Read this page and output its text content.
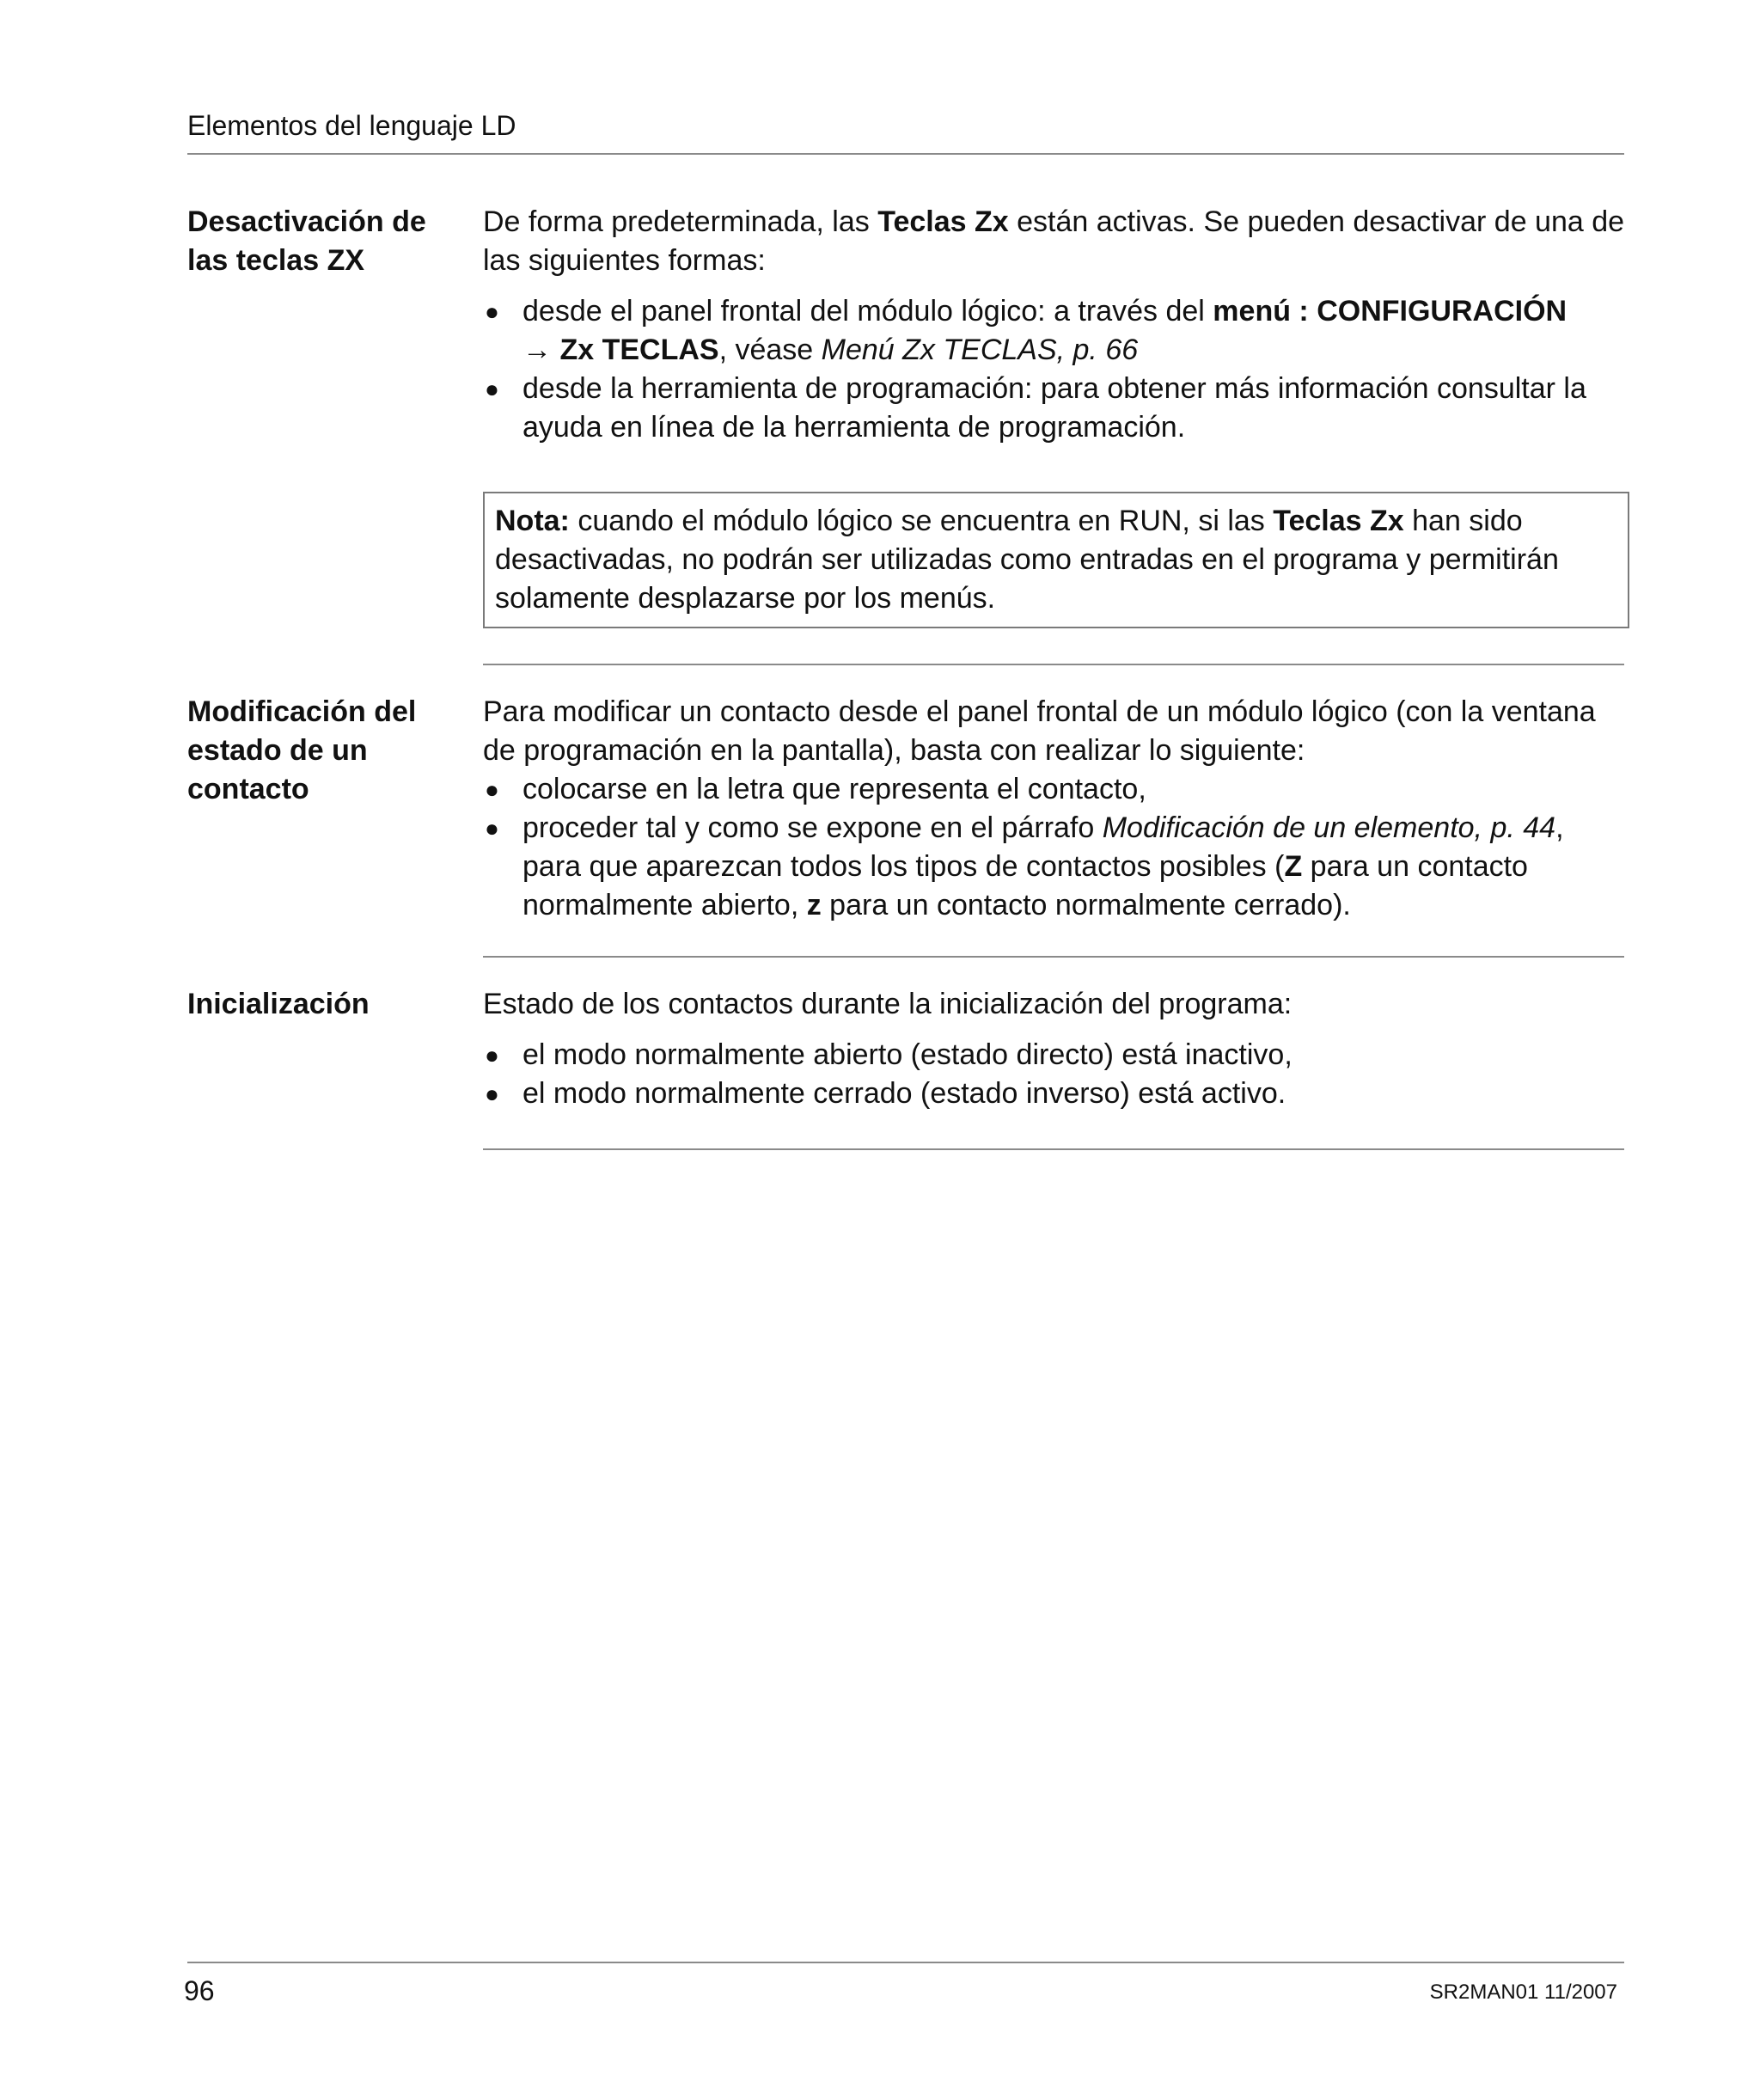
Elementos del lenguaje LD
Desactivación de
las teclas ZX

De forma predeterminada, las Teclas Zx están activas. Se pueden desactivar de una de las siguientes formas:

● desde el panel frontal del módulo lógico: a través del menú : CONFIGURACIÓN
→ Zx TECLAS, véase Menú Zx TECLAS, p. 66
● desde la herramienta de programación: para obtener más información consultar la ayuda en línea de la herramienta de programación.
Nota: cuando el módulo lógico se encuentra en RUN, si las Teclas Zx han sido desactivadas, no podrán ser utilizadas como entradas en el programa y permitirán solamente desplazarse por los menús.
Modificación del
estado de un
contacto

Para modificar un contacto desde el panel frontal de un módulo lógico (con la ventana de programación en la pantalla), basta con realizar lo siguiente:

● colocarse en la letra que representa el contacto,
● proceder tal y como se expone en el párrafo Modificación de un elemento, p. 44, para que aparezcan todos los tipos de contactos posibles (Z para un contacto normalmente abierto, z para un contacto normalmente cerrado).
Inicialización	Estado de los contactos durante la inicialización del programa:

● el modo normalmente abierto (estado directo) está inactivo,
● el modo normalmente cerrado (estado inverso) está activo.
96	SR2MAN01 11/2007
